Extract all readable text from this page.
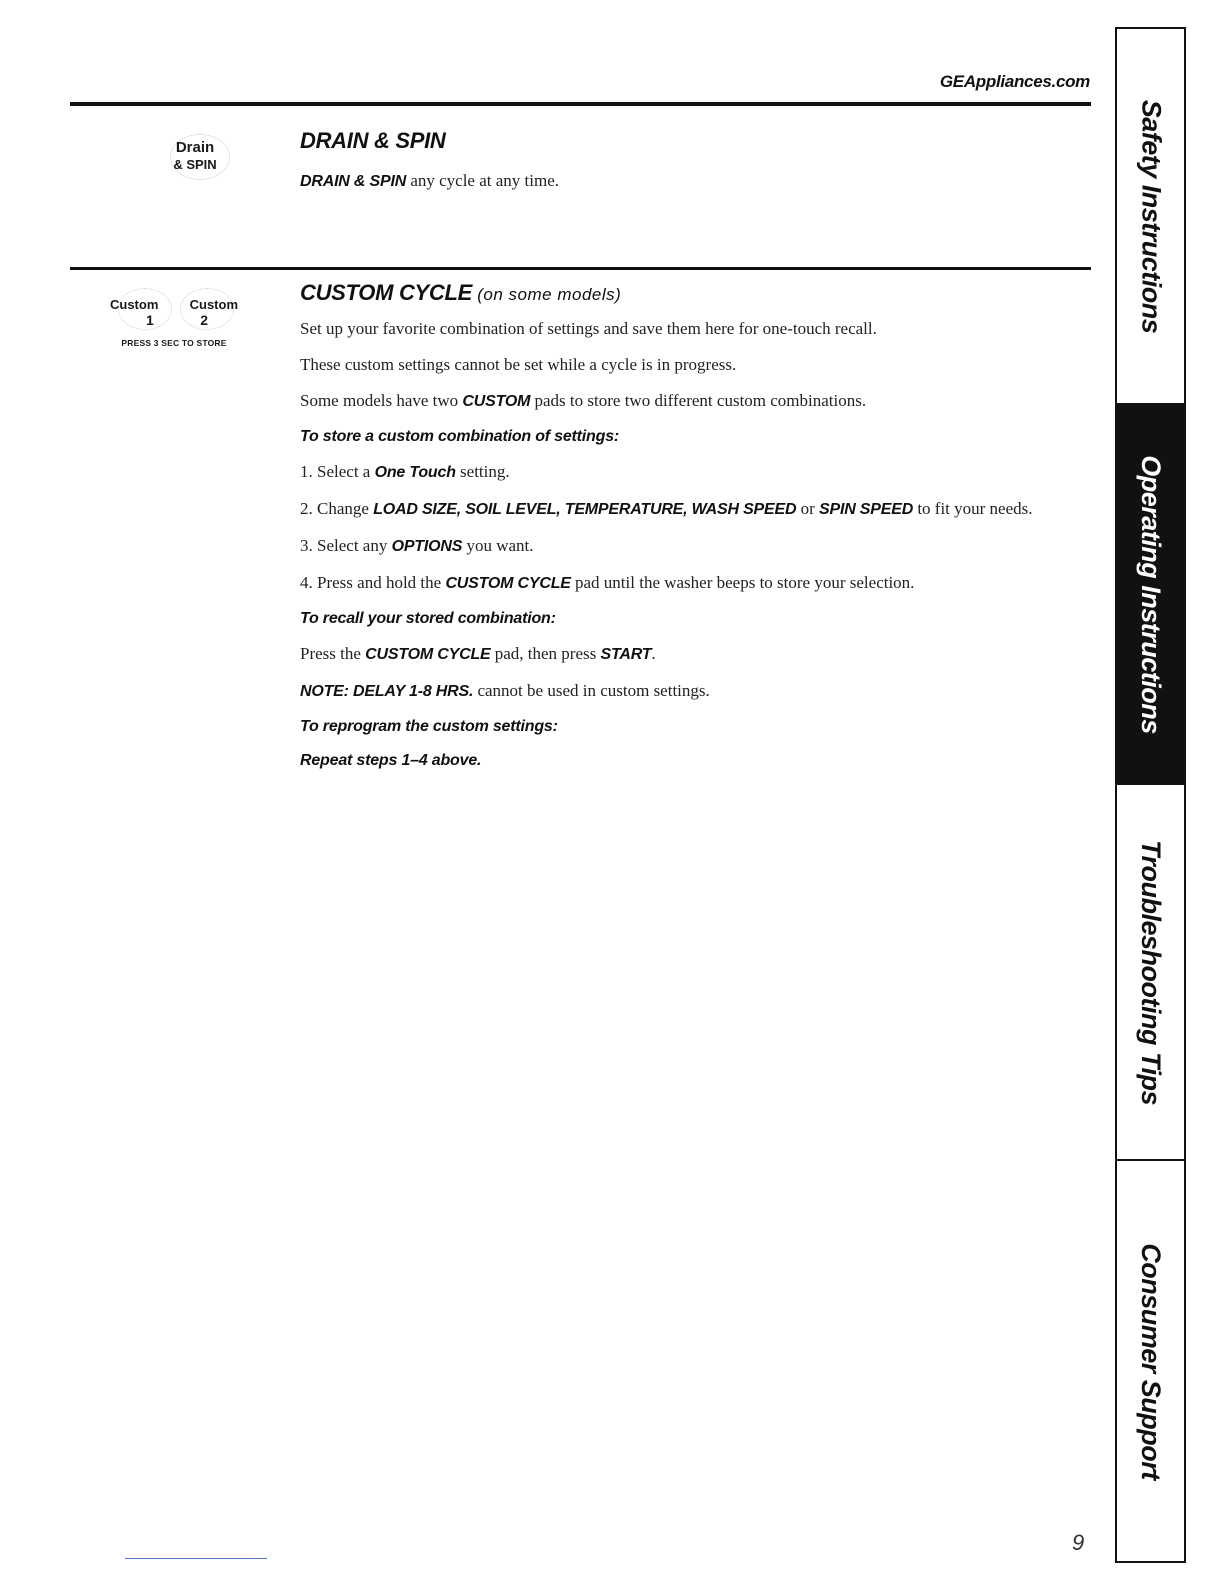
GEAppliances.com
Drain
& SPIN
Custom Custom
1	2
PRESS 3 SEC TO STORE
DRAIN & SPIN

DRAIN & SPIN any cycle at any time.

CUSTOM CYCLE (on some models)

Set up your favorite combination of settings and save them here for one-touch recall.

These custom settings cannot be set while a cycle is in progress.

Some models have two CUSTOM pads to store two different custom combinations.

To store a custom combination of settings:

1. Select a One Touch setting.

2. Change LOAD SIZE, SOIL LEVEL, TEMPERATURE, WASH SPEED or SPIN SPEED to fit your needs.

3. Select any OPTIONS you want.

4. Press and hold the CUSTOM CYCLE pad until the washer beeps to store your selection.

To recall your stored combination:

Press the CUSTOM CYCLE pad, then press START.

NOTE: DELAY 1-8 HRS. cannot be used in custom settings.

To reprogram the custom settings:
Repeat steps 1–4 above.
Safety Instructions
Operating Instructions
Troubleshooting Tips
Consumer Support
9
